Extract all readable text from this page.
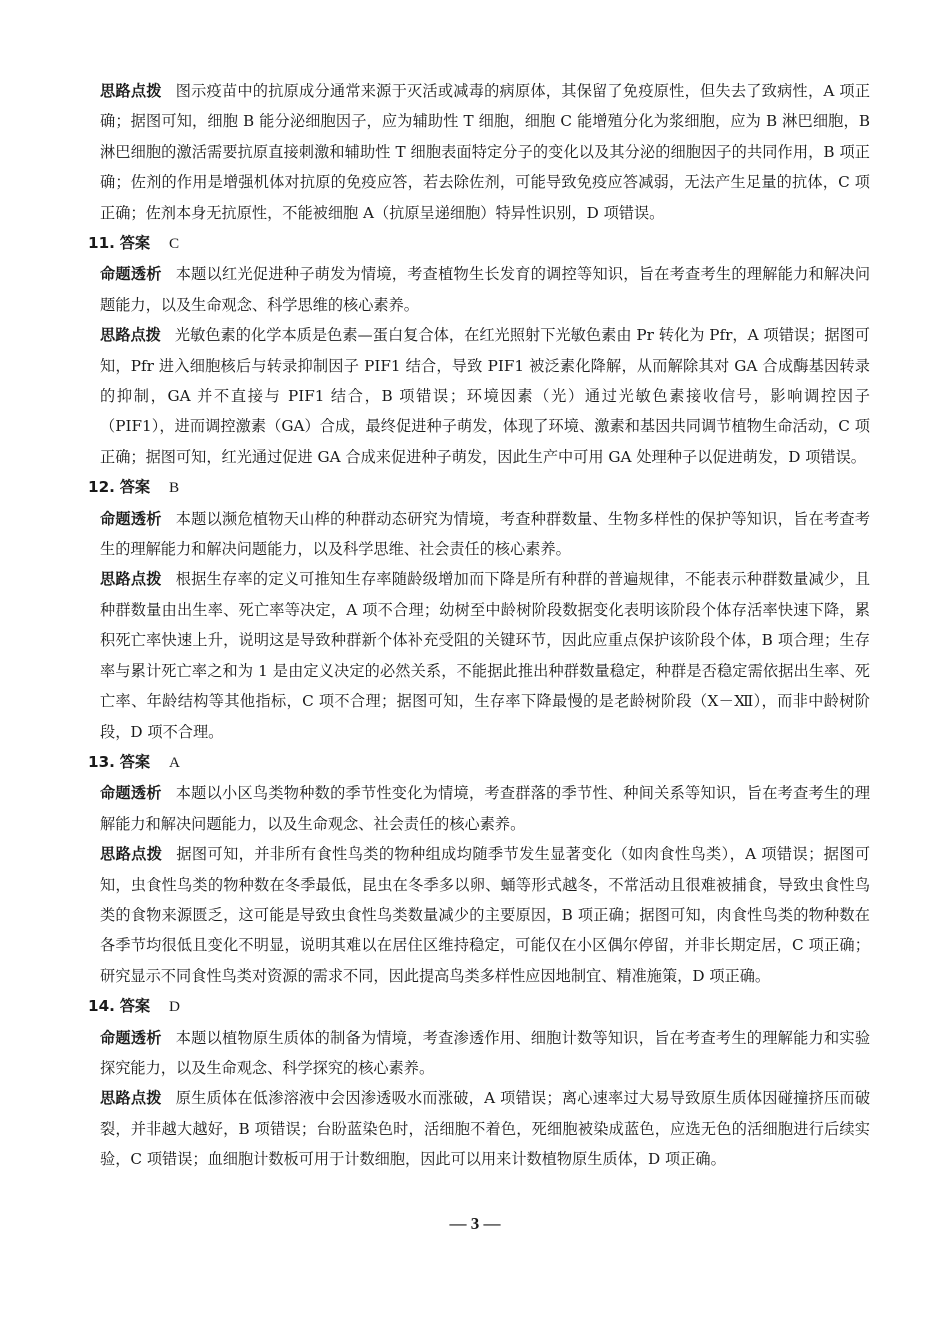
思路点拨 图示疫苗中的抗原成分通常来源于灭活或减毒的病原体，其保留了免疫原性，但失去了致病性，A 项正确；据图可知，细胞 B 能分泌细胞因子，应为辅助性 T 细胞，细胞 C 能增殖分化为浆细胞，应为 B 淋巴细胞，B 淋巴细胞的激活需要抗原直接刺激和辅助性 T 细胞表面特定分子的变化以及其分泌的细胞因子的共同作用，B 项正确；佐剂的作用是增强机体对抗原的免疫应答，若去除佐剂，可能导致免疫应答减弱，无法产生足量的抗体，C 项正确；佐剂本身无抗原性，不能被细胞 A（抗原呈递细胞）特异性识别，D 项错误。

11. 答案 C

命题透析 本题以红光促进种子萌发为情境，考查植物生长发育的调控等知识，旨在考查考生的理解能力和解决问题能力，以及生命观念、科学思维的核心素养。

思路点拨 光敏色素的化学本质是色素—蛋白复合体，在红光照射下光敏色素由 Pr 转化为 Pfr，A 项错误；据图可知，Pfr 进入细胞核后与转录抑制因子 PIF1 结合，导致 PIF1 被泛素化降解，从而解除其对 GA 合成酶基因转录的抑制，GA 并不直接与 PIF1 结合，B 项错误；环境因素（光）通过光敏色素接收信号，影响调控因子（PIF1），进而调控激素（GA）合成，最终促进种子萌发，体现了环境、激素和基因共同调节植物生命活动，C 项正确；据图可知，红光通过促进 GA 合成来促进种子萌发，因此生产中可用 GA 处理种子以促进萌发，D 项错误。

12. 答案 B

命题透析 本题以濒危植物天山桦的种群动态研究为情境，考查种群数量、生物多样性的保护等知识，旨在考查考生的理解能力和解决问题能力，以及科学思维、社会责任的核心素养。

思路点拨 根据生存率的定义可推知生存率随龄级增加而下降是所有种群的普遍规律，不能表示种群数量减少，且种群数量由出生率、死亡率等决定，A 项不合理；幼树至中龄树阶段数据变化表明该阶段个体存活率快速下降，累积死亡率快速上升，说明这是导致种群新个体补充受阻的关键环节，因此应重点保护该阶段个体，B 项合理；生存率与累计死亡率之和为 1 是由定义决定的必然关系，不能据此推出种群数量稳定，种群是否稳定需依据出生率、死亡率、年龄结构等其他指标，C 项不合理；据图可知，生存率下降最慢的是老龄树阶段（Ⅹ－Ⅻ），而非中龄树阶段，D 项不合理。

13. 答案 A

命题透析 本题以小区鸟类物种数的季节性变化为情境，考查群落的季节性、种间关系等知识，旨在考查考生的理解能力和解决问题能力，以及生命观念、社会责任的核心素养。

思路点拨 据图可知，并非所有食性鸟类的物种组成均随季节发生显著变化（如肉食性鸟类），A 项错误；据图可知，虫食性鸟类的物种数在冬季最低，昆虫在冬季多以卵、蛹等形式越冬，不常活动且很难被捕食，导致虫食性鸟类的食物来源匮乏，这可能是导致虫食性鸟类数量减少的主要原因，B 项正确；据图可知，肉食性鸟类的物种数在各季节均很低且变化不明显，说明其难以在居住区维持稳定，可能仅在小区偶尔停留，并非长期定居，C 项正确；研究显示不同食性鸟类对资源的需求不同，因此提高鸟类多样性应因地制宜、精准施策，D 项正确。

14. 答案 D

命题透析 本题以植物原生质体的制备为情境，考查渗透作用、细胞计数等知识，旨在考查考生的理解能力和实验探究能力，以及生命观念、科学探究的核心素养。

思路点拨 原生质体在低渗溶液中会因渗透吸水而涨破，A 项错误；离心速率过大易导致原生质体因碰撞挤压而破裂，并非越大越好，B 项错误；台盼蓝染色时，活细胞不着色，死细胞被染成蓝色，应选无色的活细胞进行后续实验，C 项错误；血细胞计数板可用于计数细胞，因此可以用来计数植物原生质体，D 项正确。

— 3 —
